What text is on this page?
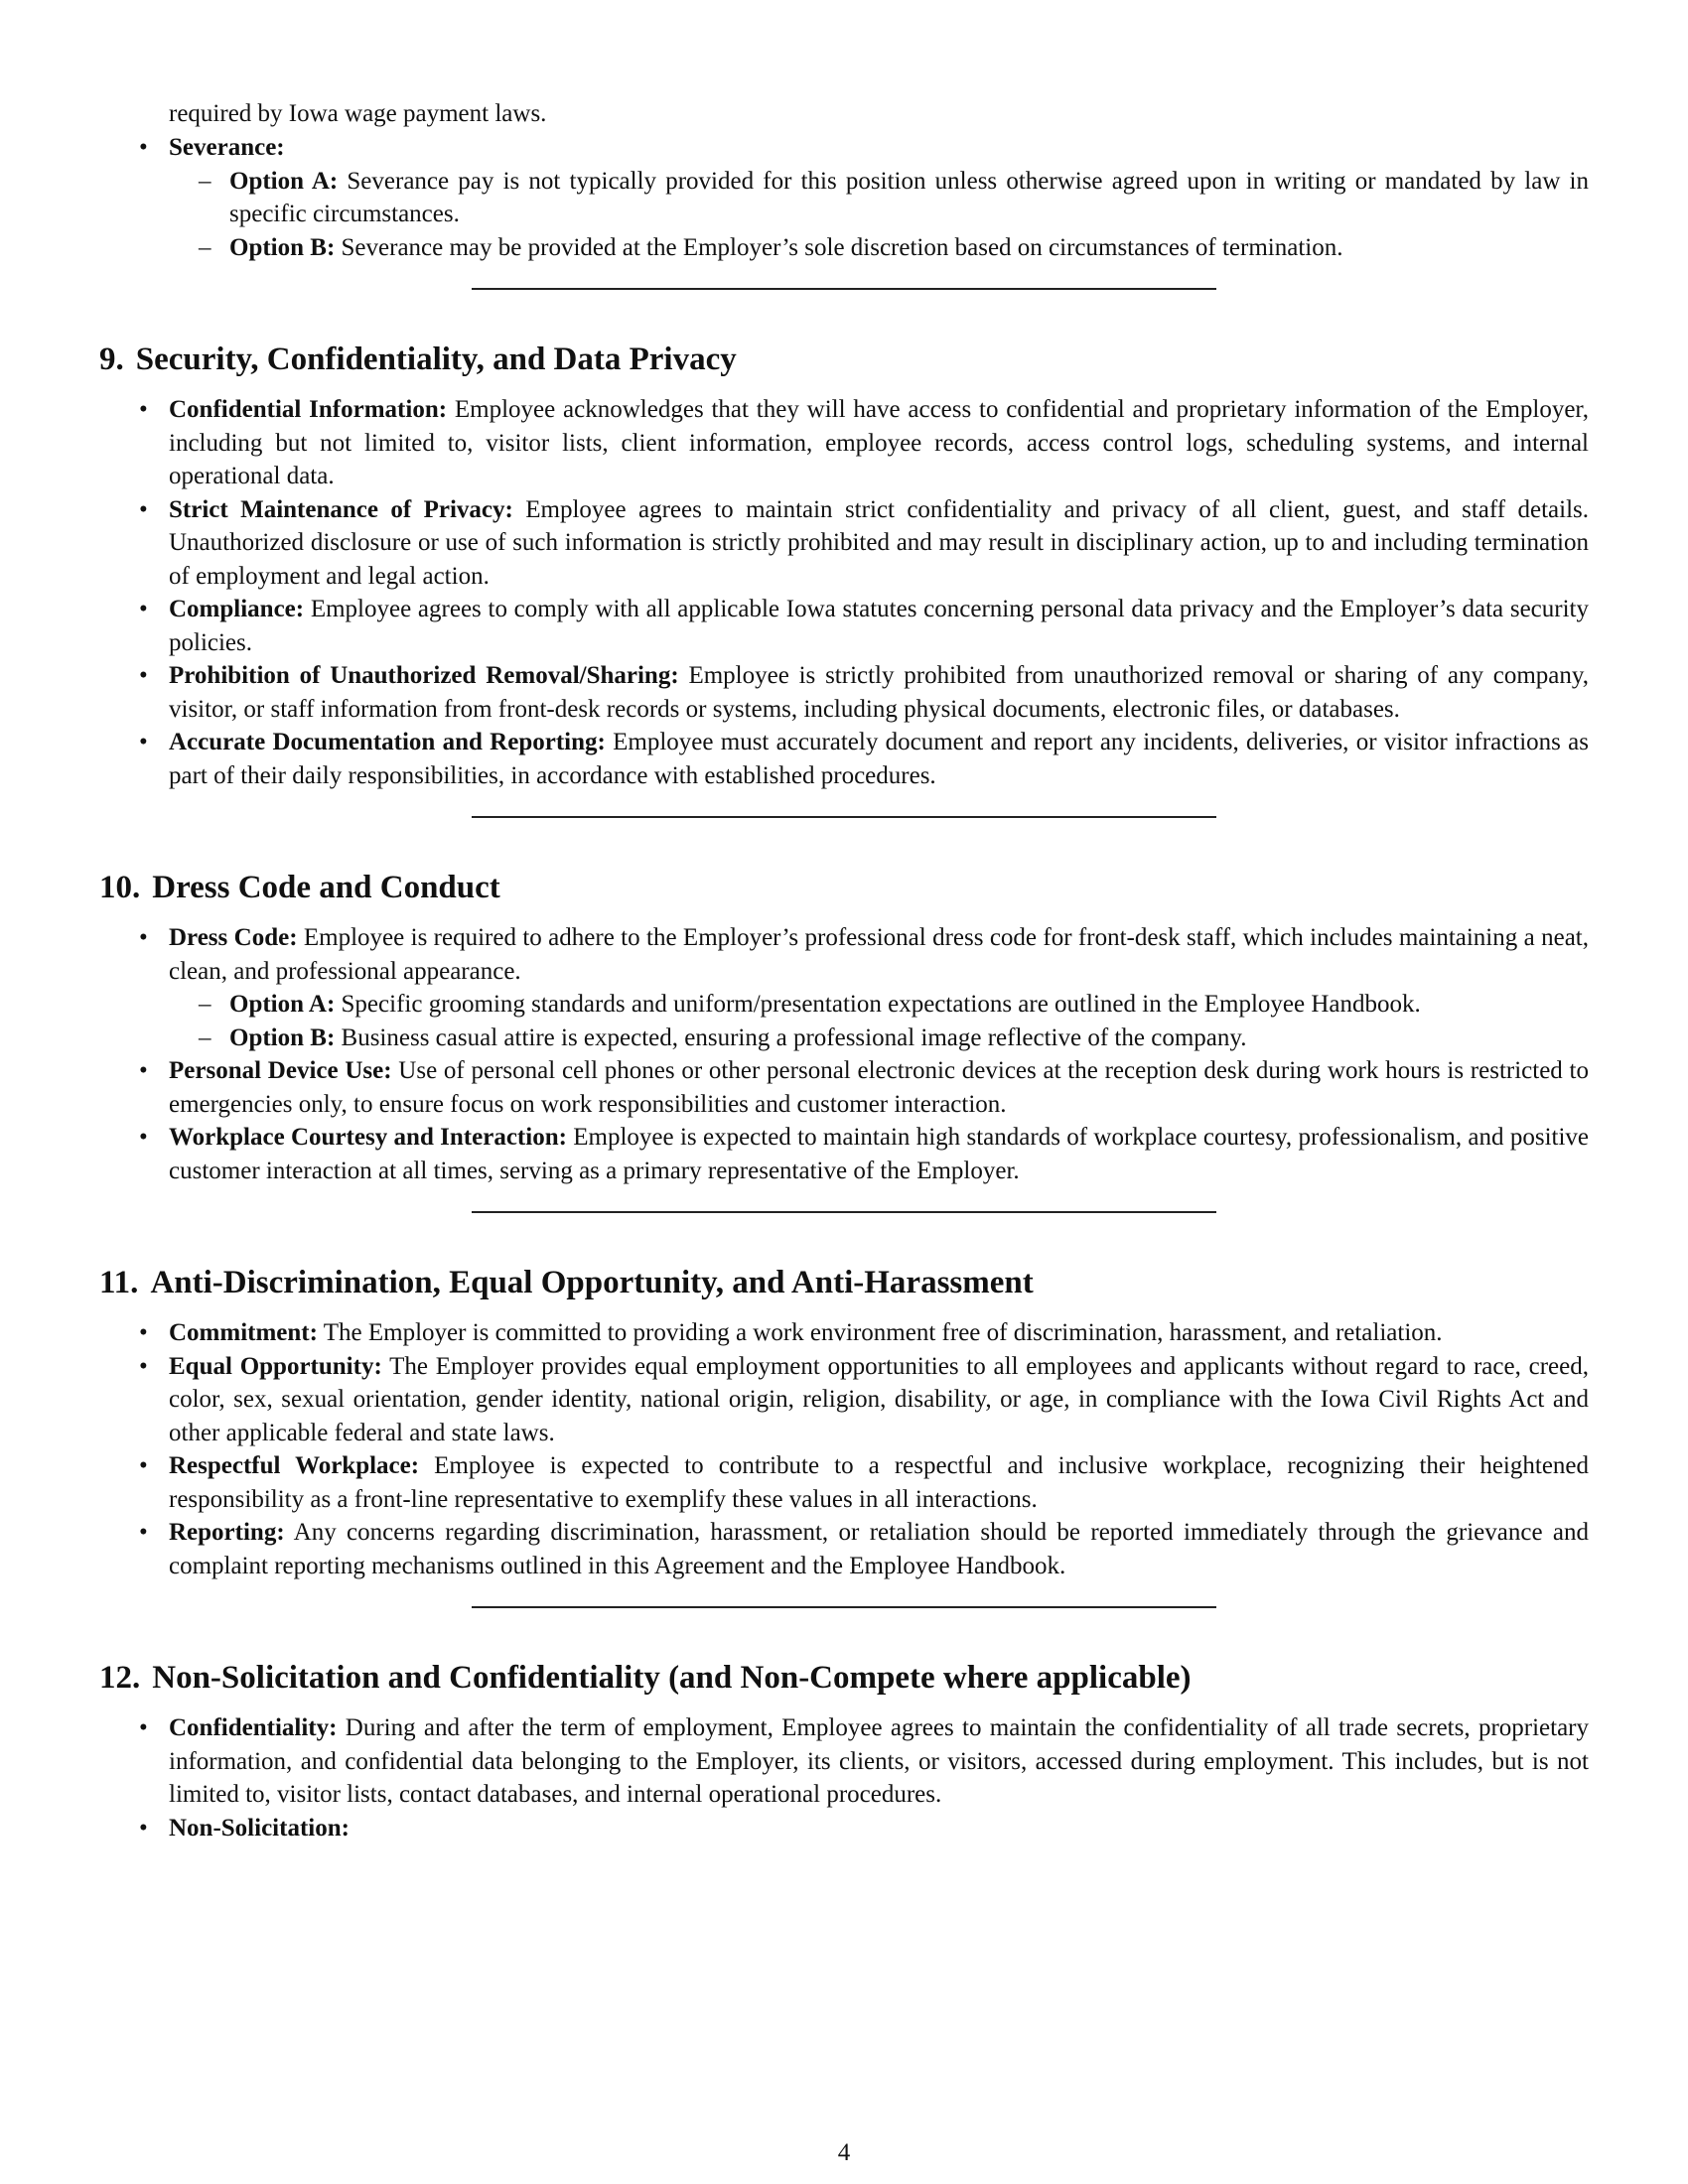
required by Iowa wage payment laws.

• Severance:
– Option A: Severance pay is not typically provided for this position unless otherwise agreed upon in writing or mandated by law in specific circumstances.
– Option B: Severance may be provided at the Employer’s sole discretion based on circumstances of termination.
9. Security, Confidentiality, and Data Privacy
• Confidential Information: Employee acknowledges that they will have access to confidential and proprietary information of the Employer, including but not limited to, visitor lists, client information, employee records, access control logs, scheduling systems, and internal operational data.
• Strict Maintenance of Privacy: Employee agrees to maintain strict confidentiality and privacy of all client, guest, and staff details. Unauthorized disclosure or use of such information is strictly prohibited and may result in disciplinary action, up to and including termination of employment and legal action.
• Compliance: Employee agrees to comply with all applicable Iowa statutes concerning personal data privacy and the Employer’s data security policies.
• Prohibition of Unauthorized Removal/Sharing: Employee is strictly prohibited from unauthorized removal or sharing of any company, visitor, or staff information from front-desk records or systems, including physical documents, electronic files, or databases.
• Accurate Documentation and Reporting: Employee must accurately document and report any incidents, deliveries, or visitor infractions as part of their daily responsibilities, in accordance with established procedures.
10. Dress Code and Conduct
• Dress Code: Employee is required to adhere to the Employer’s professional dress code for front-desk staff, which includes maintaining a neat, clean, and professional appearance.
– Option A: Specific grooming standards and uniform/presentation expectations are outlined in the Employee Handbook.
– Option B: Business casual attire is expected, ensuring a professional image reflective of the company.
• Personal Device Use: Use of personal cell phones or other personal electronic devices at the reception desk during work hours is restricted to emergencies only, to ensure focus on work responsibilities and customer interaction.
• Workplace Courtesy and Interaction: Employee is expected to maintain high standards of workplace courtesy, professionalism, and positive customer interaction at all times, serving as a primary representative of the Employer.
11. Anti-Discrimination, Equal Opportunity, and Anti-Harassment
• Commitment: The Employer is committed to providing a work environment free of discrimination, harassment, and retaliation.
• Equal Opportunity: The Employer provides equal employment opportunities to all employees and applicants without regard to race, creed, color, sex, sexual orientation, gender identity, national origin, religion, disability, or age, in compliance with the Iowa Civil Rights Act and other applicable federal and state laws.
• Respectful Workplace: Employee is expected to contribute to a respectful and inclusive workplace, recognizing their heightened responsibility as a front-line representative to exemplify these values in all interactions.
• Reporting: Any concerns regarding discrimination, harassment, or retaliation should be reported immediately through the grievance and complaint reporting mechanisms outlined in this Agreement and the Employee Handbook.
12. Non-Solicitation and Confidentiality (and Non-Compete where applicable)
• Confidentiality: During and after the term of employment, Employee agrees to maintain the confidentiality of all trade secrets, proprietary information, and confidential data belonging to the Employer, its clients, or visitors, accessed during employment. This includes, but is not limited to, visitor lists, contact databases, and internal operational procedures.
• Non-Solicitation:
4
